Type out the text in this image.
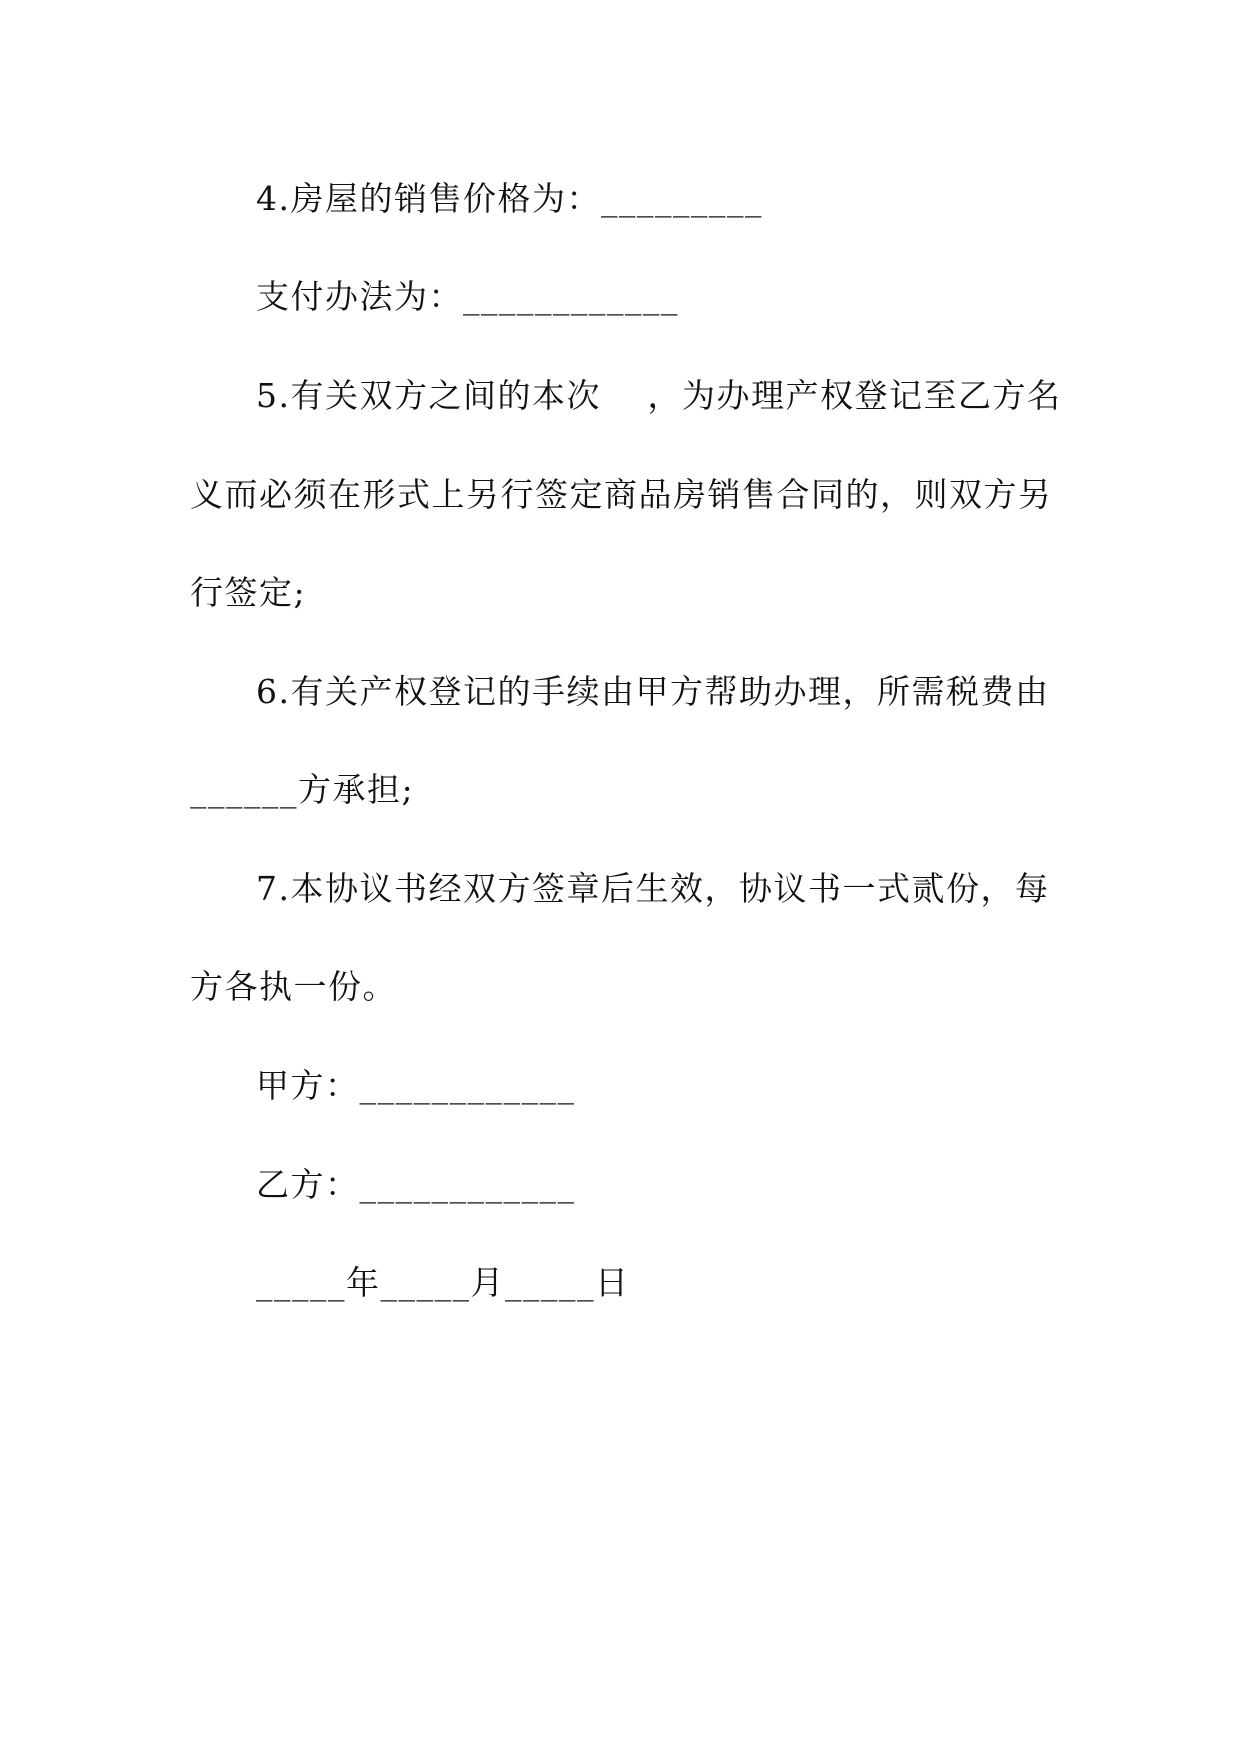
4.房屋的销售价格为：_________
支付办法为：____________
5.有关双方之间的本次　 ，为办理产权登记至乙方名
义而必须在形式上另行签定商品房销售合同的，则双方另
行签定;
6.有关产权登记的手续由甲方帮助办理，所需税费由
______方承担;
7.本协议书经双方签章后生效，协议书一式贰份，每
方各执一份。
甲方：____________
乙方：____________
_____年_____月_____日
